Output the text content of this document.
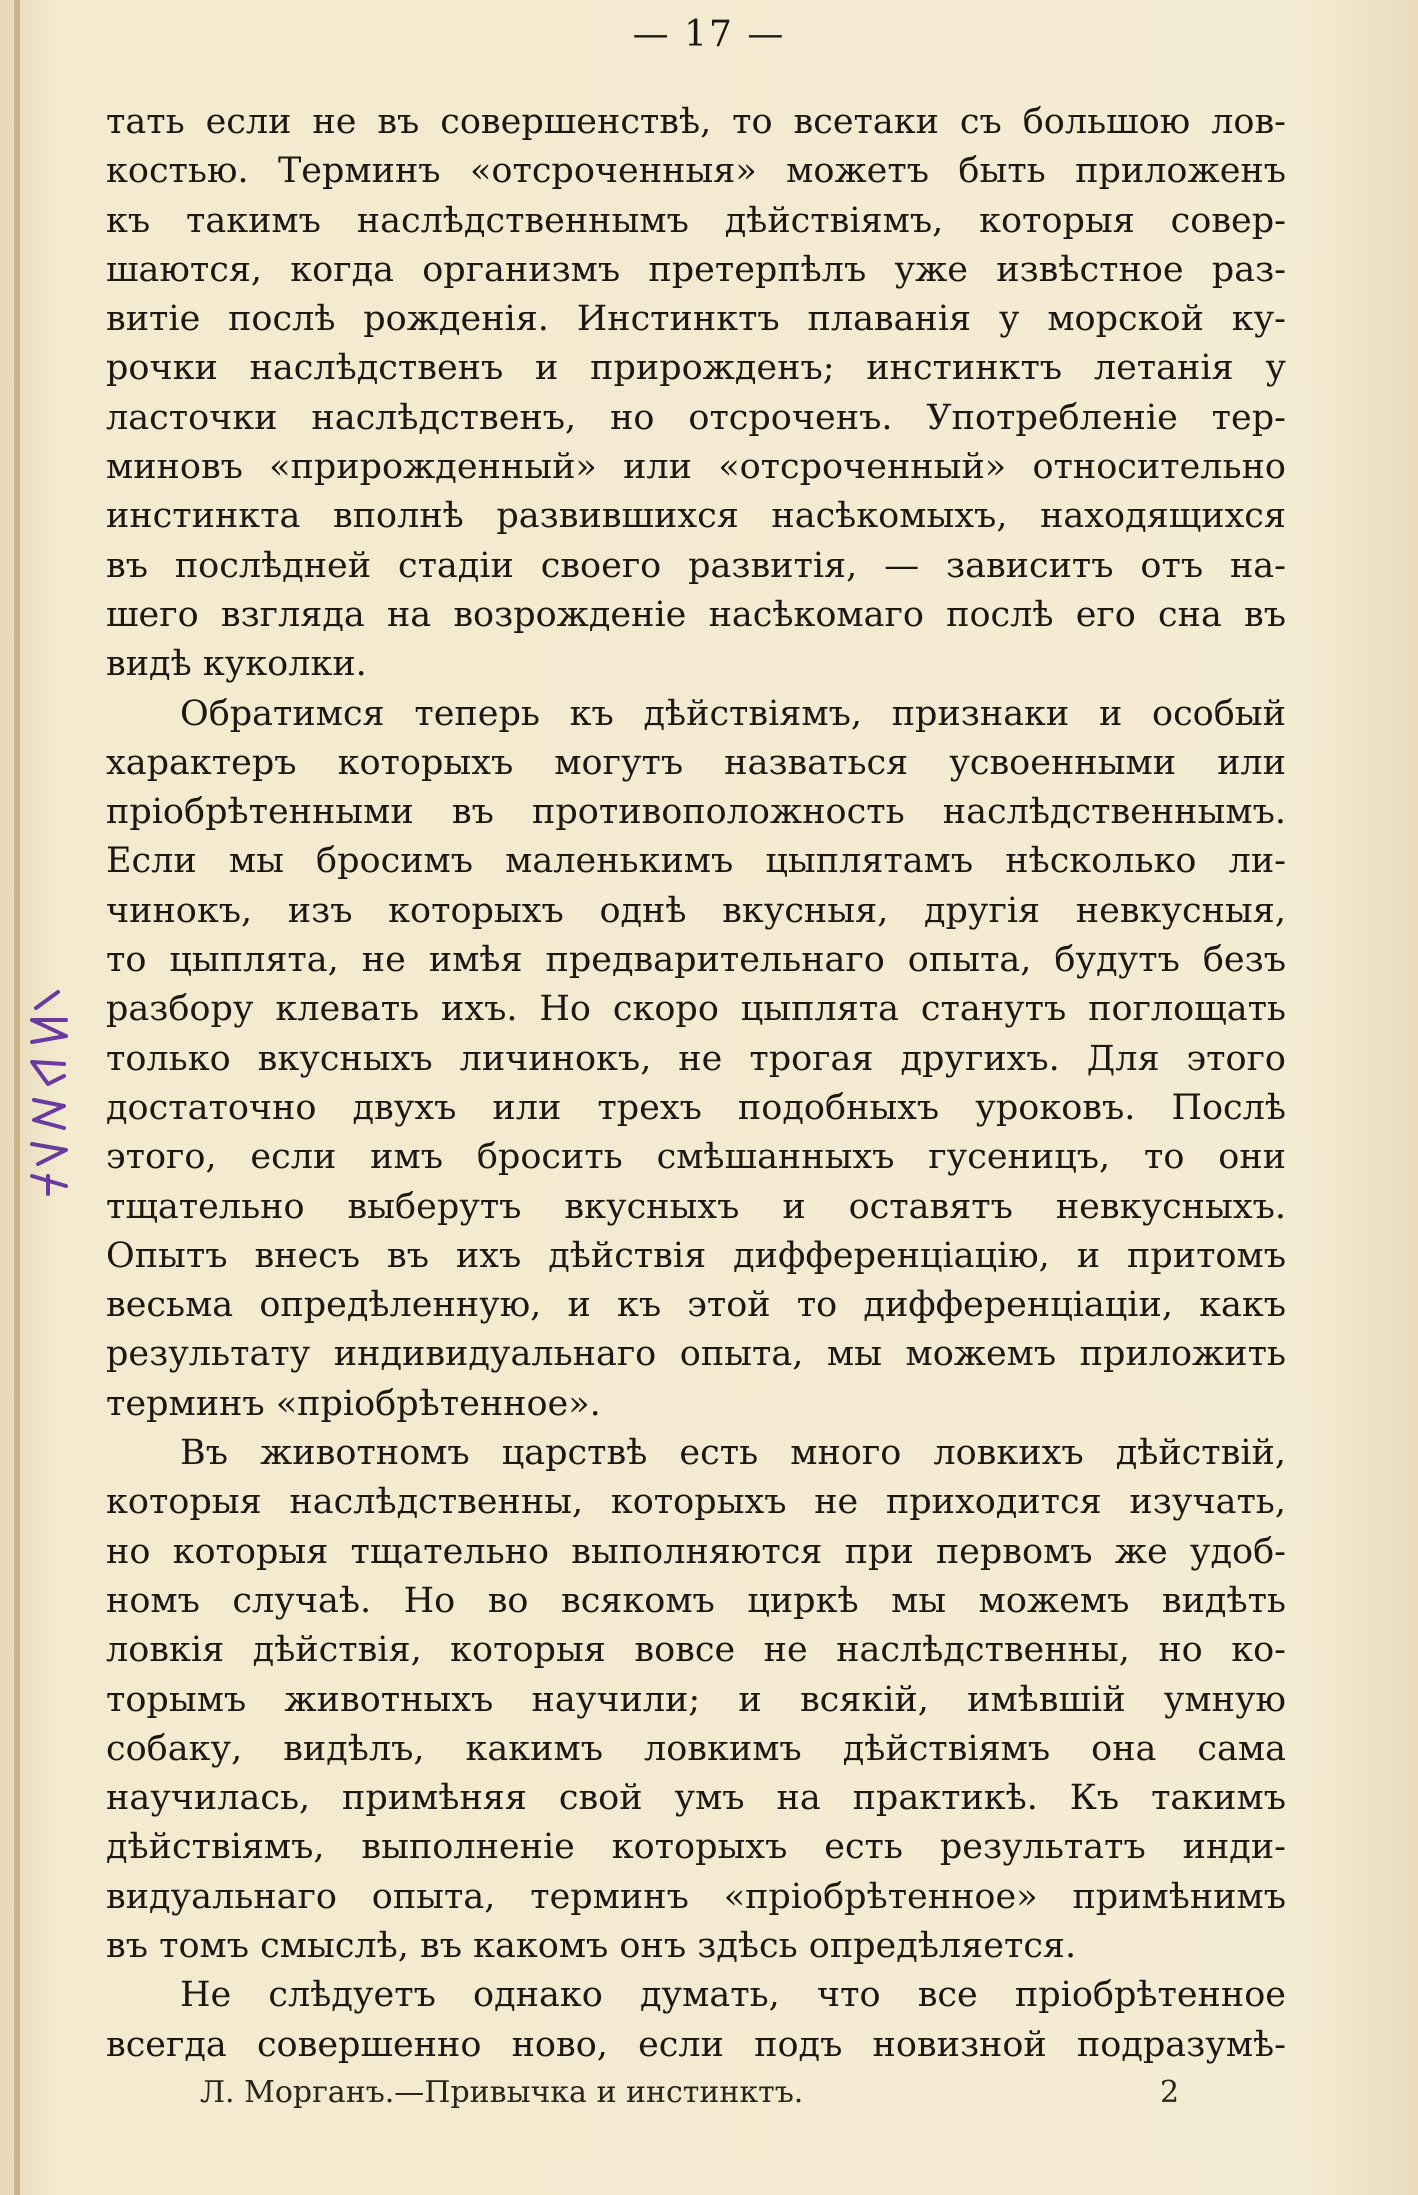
— 17 —
тать если не въ совершенствѣ, то всетаки съ большою лов-
костью. Терминъ «отсроченныя» можетъ быть приложенъ
къ такимъ наслѣдственнымъ дѣйствіямъ, которыя совер-
шаются, когда организмъ претерпѣлъ уже извѣстное раз-
витіе послѣ рожденія. Инстинктъ плаванія у морской ку-
рочки наслѣдственъ и прирожденъ; инстинктъ летанія у
ласточки наслѣдственъ, но отсроченъ. Употребленіе тер-
миновъ «прирожденный» или «отсроченный» относительно
инстинкта вполнѣ развившихся насѣкомыхъ, находящихся
въ послѣдней стадіи своего развитія, — зависитъ отъ на-
шего взгляда на возрожденіе насѣкомаго послѣ его сна въ
видѣ куколки.
Обратимся теперь къ дѣйствіямъ, признаки и особый
характеръ которыхъ могутъ назваться усвоенными или
пріобрѣтенными въ противоположность наслѣдственнымъ.
Если мы бросимъ маленькимъ цыплятамъ нѣсколько ли-
чинокъ, изъ которыхъ однѣ вкусныя, другія невкусныя,
то цыплята, не имѣя предварительнаго опыта, будутъ безъ
разбору клевать ихъ. Но скоро цыплята станутъ поглощать
только вкусныхъ личинокъ, не трогая другихъ. Для этого
достаточно двухъ или трехъ подобныхъ уроковъ. Послѣ
этого, если имъ бросить смѣшанныхъ гусеницъ, то они
тщательно выберутъ вкусныхъ и оставятъ невкусныхъ.
Опытъ внесъ въ ихъ дѣйствія дифференціацію, и притомъ
весьма опредѣленную, и къ этой то дифференціаціи, какъ
результату индивидуальнаго опыта, мы можемъ приложить
терминъ «пріобрѣтенное».
Въ животномъ царствѣ есть много ловкихъ дѣйствій,
которыя наслѣдственны, которыхъ не приходится изучать,
но которыя тщательно выполняются при первомъ же удоб-
номъ случаѣ. Но во всякомъ циркѣ мы можемъ видѣть
ловкія дѣйствія, которыя вовсе не наслѣдственны, но ко-
торымъ животныхъ научили; и всякій, имѣвшій умную
собаку, видѣлъ, какимъ ловкимъ дѣйствіямъ она сама
научилась, примѣняя свой умъ на практикѣ. Къ такимъ
дѣйствіямъ, выполненіе которыхъ есть результатъ инди-
видуальнаго опыта, терминъ «пріобрѣтенное» примѣнимъ
въ томъ смыслѣ, въ какомъ онъ здѣсь опредѣляется.
Не слѣдуетъ однако думать, что все пріобрѣтенное
всегда совершенно ново, если подъ новизной подразумѣ-
Л. Морганъ.—Привычка и инстинктъ.	2
